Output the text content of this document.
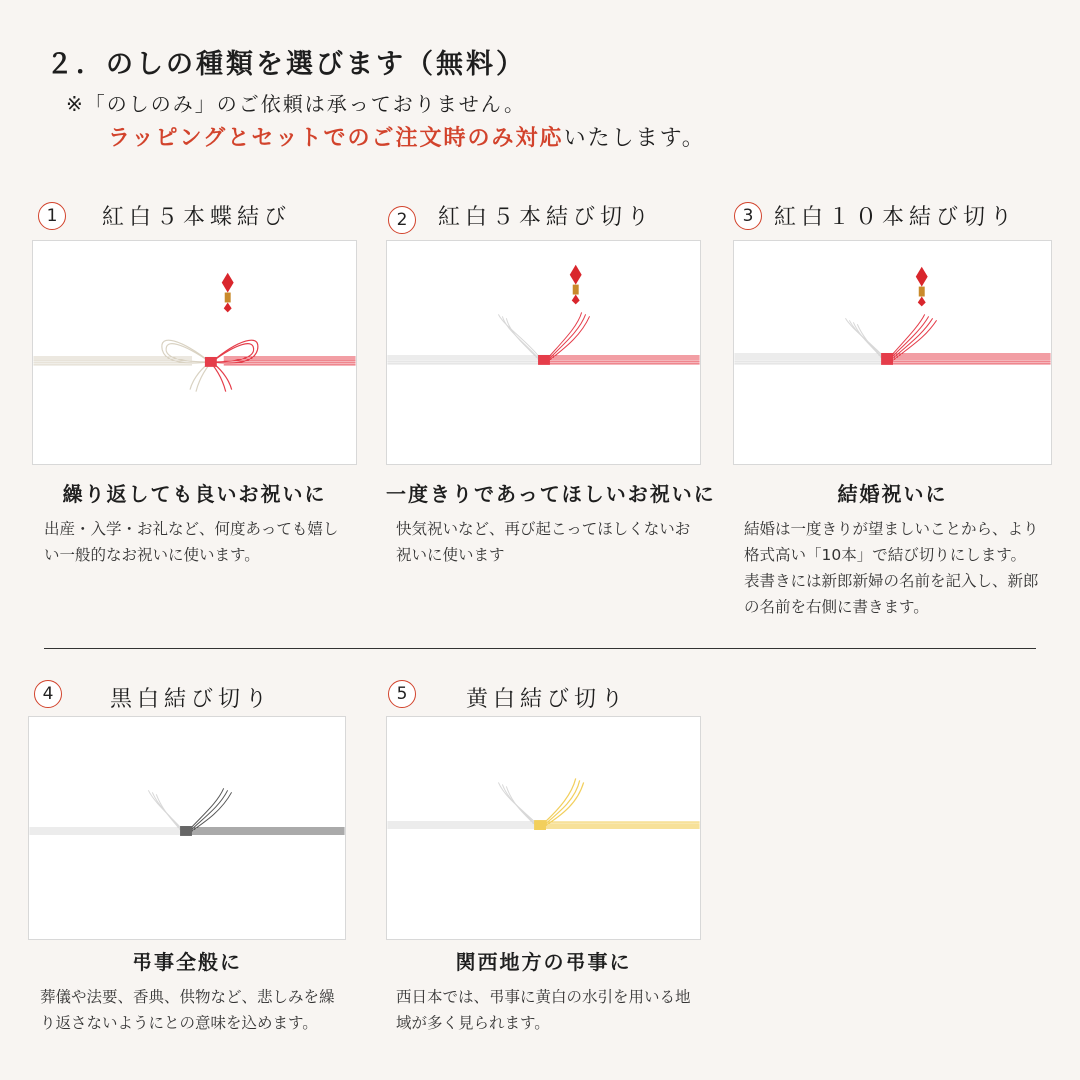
２．のしの種類を選びます（無料）
※「のしのみ」のご依頼は承っておりません。
ラッピングとセットでのご注文時のみ対応いたします。
1	紅白５本蝶結び
繰り返しても良いお祝いに
出産・入学・お礼など、何度あっても嬉しい一般的なお祝いに使います。
2	紅白５本結び切り
一度きりであってほしいお祝いに
快気祝いなど、再び起こってほしくないお祝いに使います
3 紅白１０本結び切り
結婚祝いに
結婚は一度きりが望ましいことから、より格式高い「10本」で結び切りにします。 表書きには新郎新婦の名前を記入し、新郎の名前を右側に書きます。
4	黒白結び切り
弔事全般に
葬儀や法要、香典、供物など、悲しみを繰り返さないようにとの意味を込めます。
5	黄白結び切り
関西地方の弔事に
西日本では、弔事に黄白の水引を用いる地域が多く見られます。
